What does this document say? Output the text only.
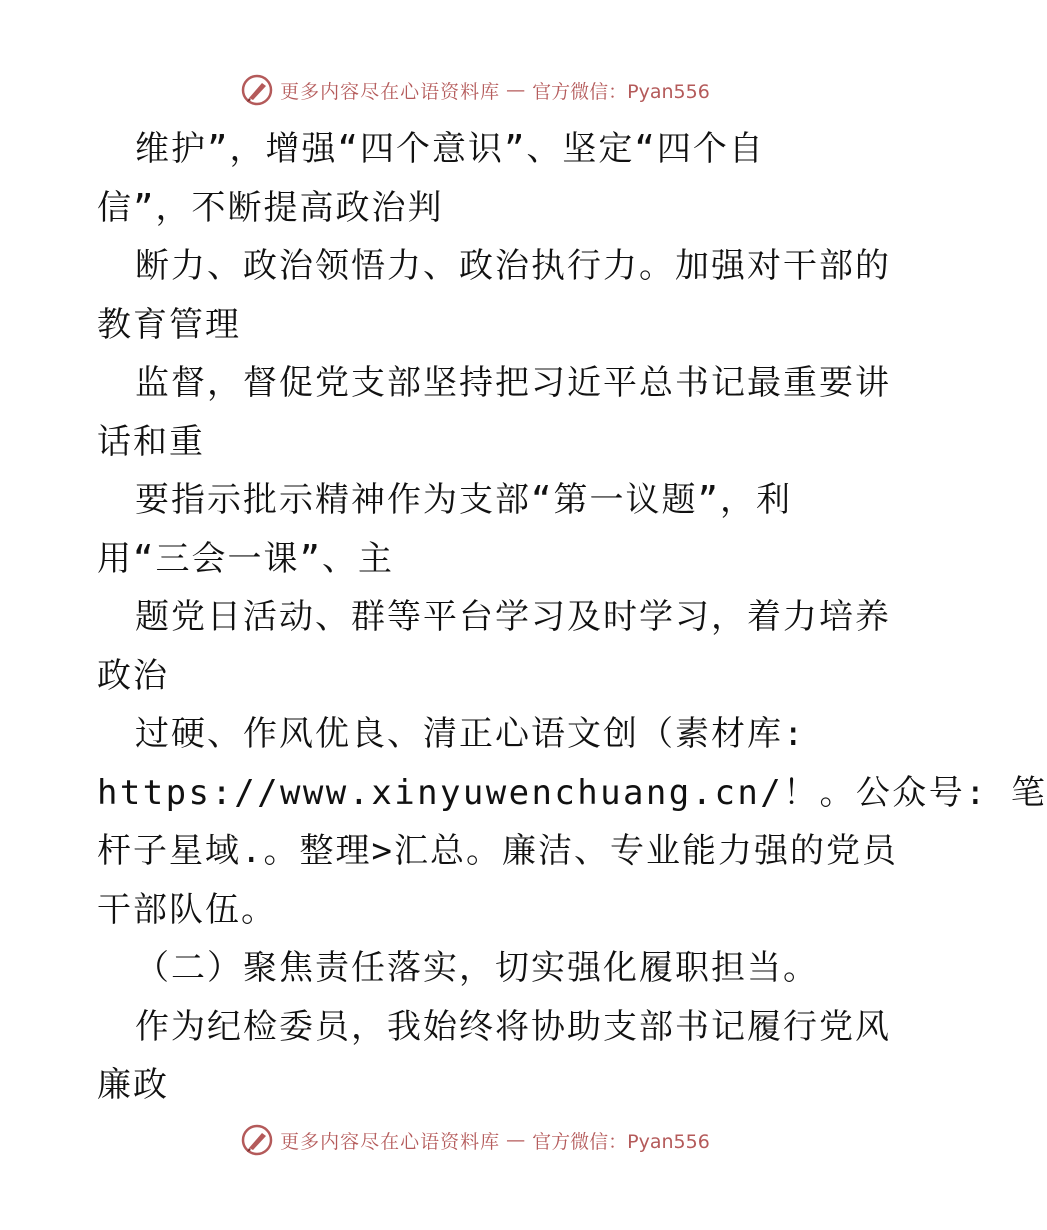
更多内容尽在心语资料库 — 官方微信：Pyan556
维护”，增强“四个意识”、坚定“四个自
信”，不断提高政治判
断力、政治领悟力、政治执行力。加强对干部的
教育管理
监督，督促党支部坚持把习近平总书记最重要讲
话和重
要指示批示精神作为支部“第一议题”，利
用“三会一课”、主
题党日活动、群等平台学习及时学习，着力培养
政治
过硬、作风优良、清正心语文创（素材库:
https://www.xinyuwenchuang.cn/！。公众号: 笔
杆子星域.。整理>汇总。廉洁、专业能力强的党员
干部队伍。
（二）聚焦责任落实，切实强化履职担当。
作为纪检委员，我始终将协助支部书记履行党风
廉政
更多内容尽在心语资料库 — 官方微信：Pyan556
